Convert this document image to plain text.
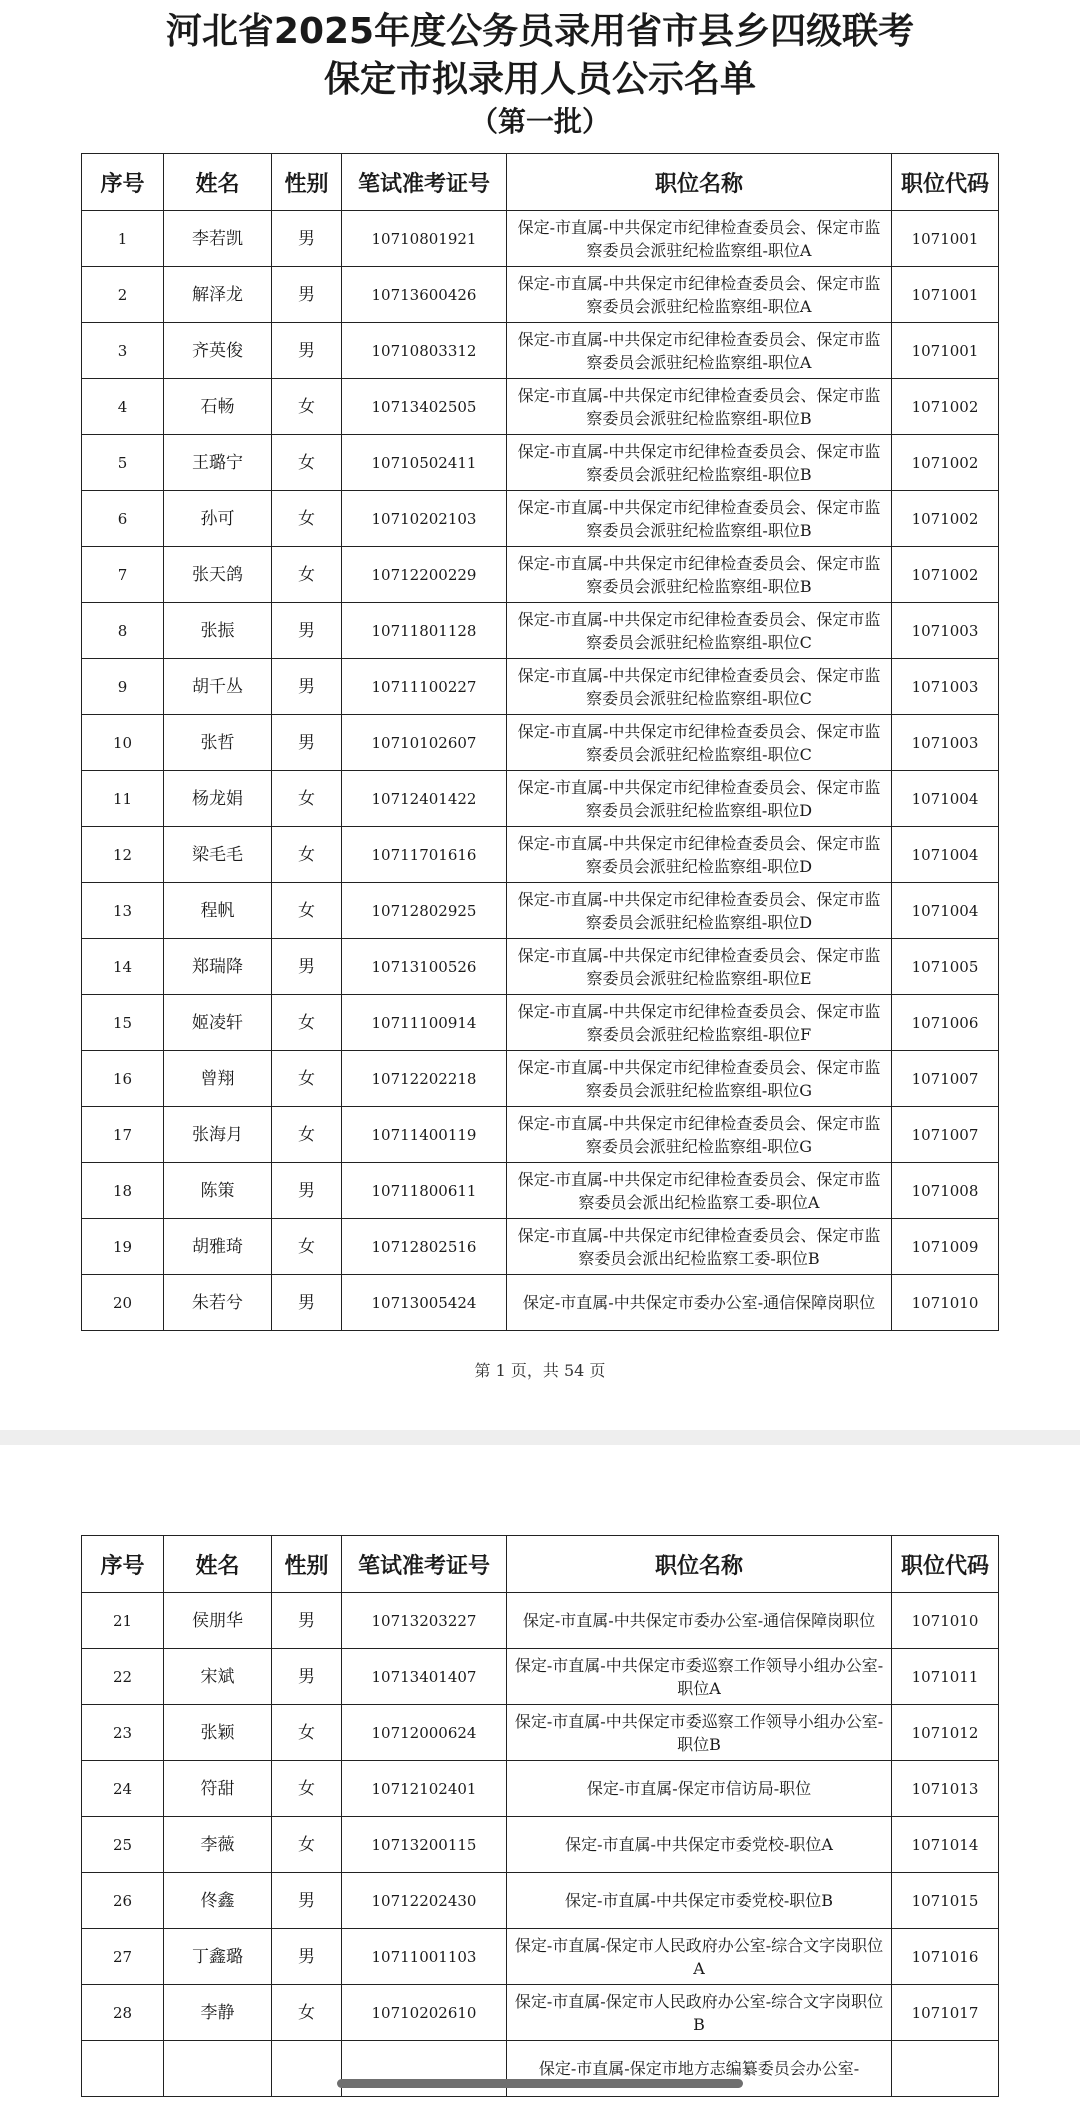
河北省2025年度公务员录用省市县乡四级联考
保定市拟录用人员公示名单
（第一批）
序号	姓名	性别	笔试准考证号	职位名称	职位代码
1	李若凯	男	10710801921	保定-市直属-中共保定市纪律检查委员会、保定市监察委员会派驻纪检监察组-职位A	1071001
2	解泽龙	男	10713600426	保定-市直属-中共保定市纪律检查委员会、保定市监察委员会派驻纪检监察组-职位A	1071001
3	齐英俊	男	10710803312	保定-市直属-中共保定市纪律检查委员会、保定市监察委员会派驻纪检监察组-职位A	1071001
4	石畅	女	10713402505	保定-市直属-中共保定市纪律检查委员会、保定市监察委员会派驻纪检监察组-职位B	1071002
5	王璐宁	女	10710502411	保定-市直属-中共保定市纪律检查委员会、保定市监察委员会派驻纪检监察组-职位B	1071002
6	孙可	女	10710202103	保定-市直属-中共保定市纪律检查委员会、保定市监察委员会派驻纪检监察组-职位B	1071002
7	张天鸽	女	10712200229	保定-市直属-中共保定市纪律检查委员会、保定市监察委员会派驻纪检监察组-职位B	1071002
8	张振	男	10711801128	保定-市直属-中共保定市纪律检查委员会、保定市监察委员会派驻纪检监察组-职位C	1071003
9	胡千丛	男	10711100227	保定-市直属-中共保定市纪律检查委员会、保定市监察委员会派驻纪检监察组-职位C	1071003
10	张哲	男	10710102607	保定-市直属-中共保定市纪律检查委员会、保定市监察委员会派驻纪检监察组-职位C	1071003
11	杨龙娟	女	10712401422	保定-市直属-中共保定市纪律检查委员会、保定市监察委员会派驻纪检监察组-职位D	1071004
12	梁毛毛	女	10711701616	保定-市直属-中共保定市纪律检查委员会、保定市监察委员会派驻纪检监察组-职位D	1071004
13	程帆	女	10712802925	保定-市直属-中共保定市纪律检查委员会、保定市监察委员会派驻纪检监察组-职位D	1071004
14	郑瑞降	男	10713100526	保定-市直属-中共保定市纪律检查委员会、保定市监察委员会派驻纪检监察组-职位E	1071005
15	姬凌轩	女	10711100914	保定-市直属-中共保定市纪律检查委员会、保定市监察委员会派驻纪检监察组-职位F	1071006
16	曾翔	女	10712202218	保定-市直属-中共保定市纪律检查委员会、保定市监察委员会派驻纪检监察组-职位G	1071007
17	张海月	女	10711400119	保定-市直属-中共保定市纪律检查委员会、保定市监察委员会派驻纪检监察组-职位G	1071007
18	陈策	男	10711800611	保定-市直属-中共保定市纪律检查委员会、保定市监察委员会派出纪检监察工委-职位A	1071008
19	胡雅琦	女	10712802516	保定-市直属-中共保定市纪律检查委员会、保定市监察委员会派出纪检监察工委-职位B	1071009
20	朱若兮	男	10713005424	保定-市直属-中共保定市委办公室-通信保障岗职位	1071010
第 1 页，共 54 页
序号	姓名	性别	笔试准考证号	职位名称	职位代码
21	侯朋华	男	10713203227	保定-市直属-中共保定市委办公室-通信保障岗职位	1071010
22	宋斌	男	10713401407	保定-市直属-中共保定市委巡察工作领导小组办公室-职位A	1071011
23	张颖	女	10712000624	保定-市直属-中共保定市委巡察工作领导小组办公室-职位B	1071012
24	符甜	女	10712102401	保定-市直属-保定市信访局-职位	1071013
25	李薇	女	10713200115	保定-市直属-中共保定市委党校-职位A	1071014
26	佟鑫	男	10712202430	保定-市直属-中共保定市委党校-职位B	1071015
27	丁鑫璐	男	10711001103	保定-市直属-保定市人民政府办公室-综合文字岗职位A	1071016
28	李静	女	10710202610	保定-市直属-保定市人民政府办公室-综合文字岗职位B	1071017
				保定-市直属-保定市地方志编纂委员会办公室-	
